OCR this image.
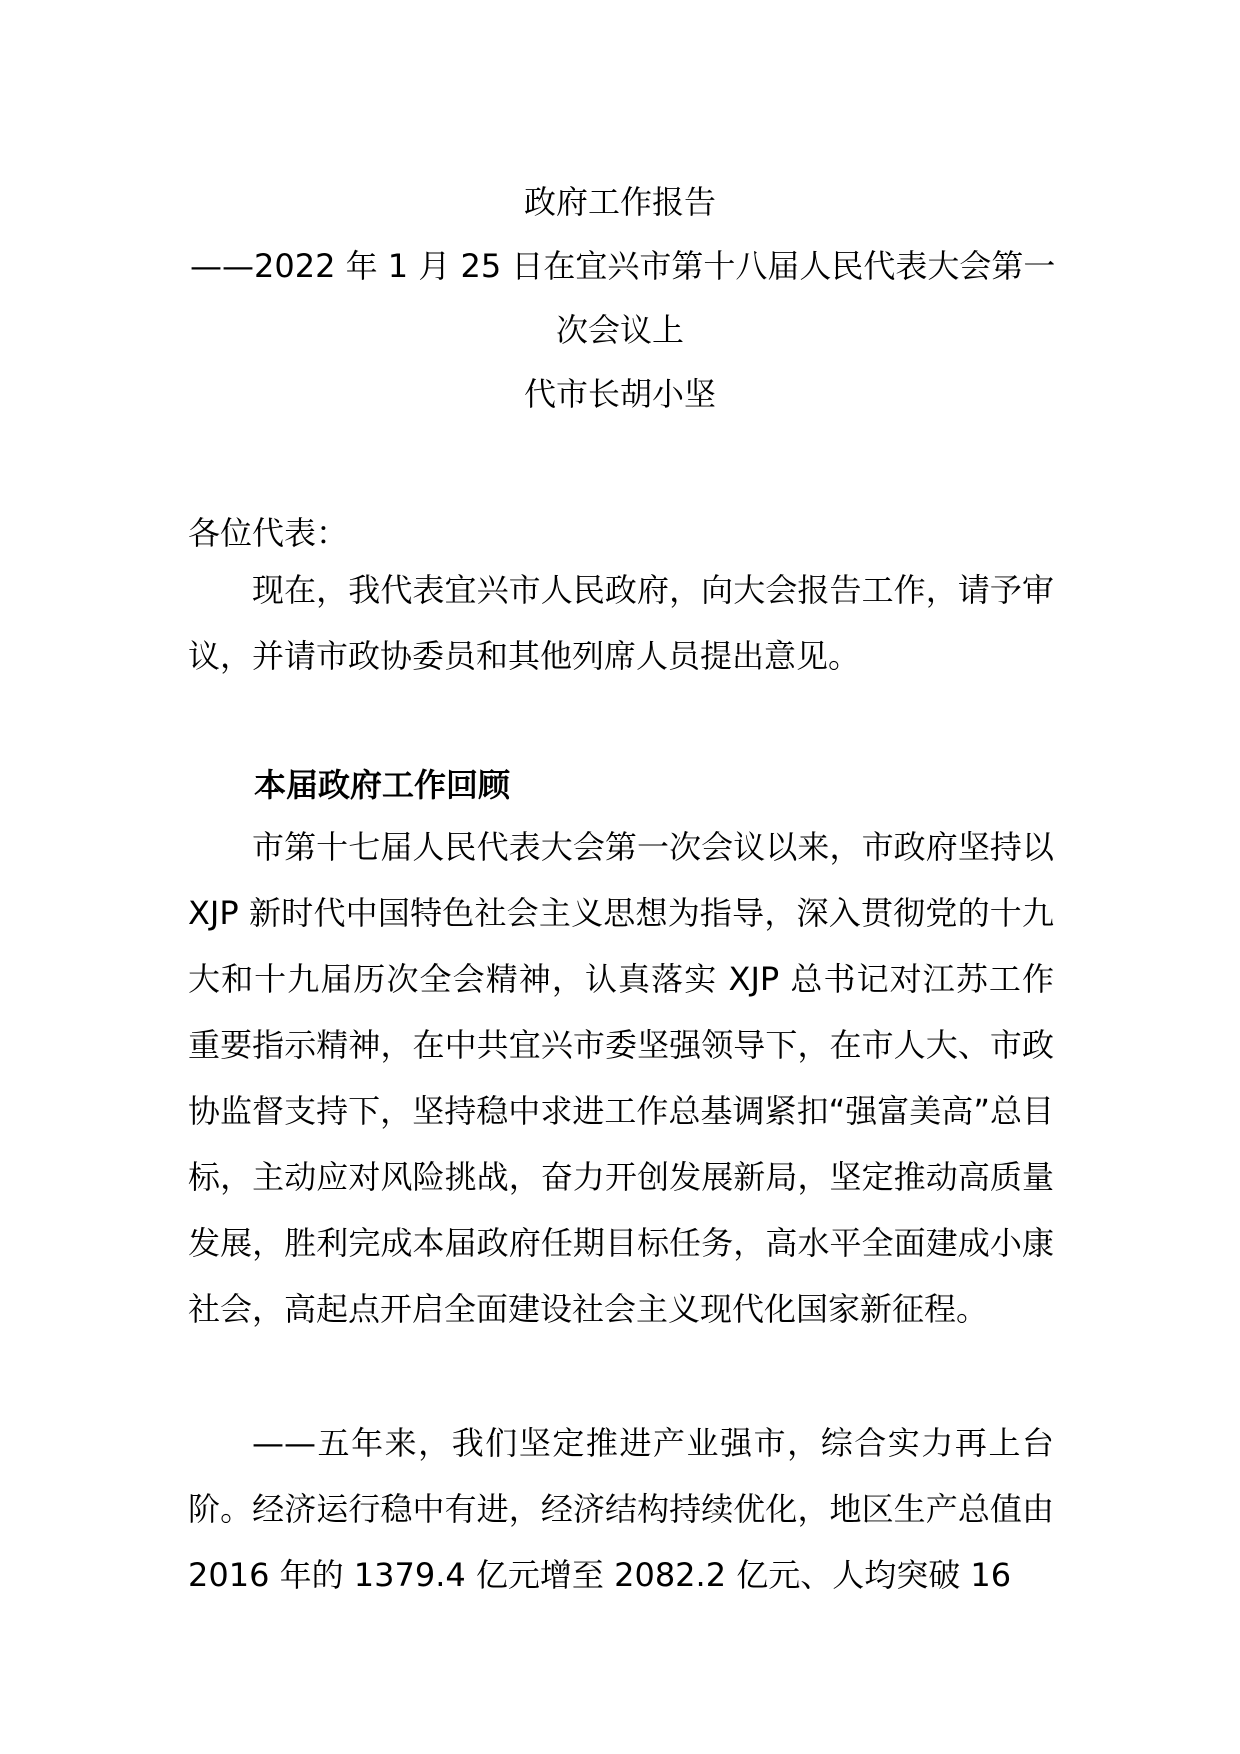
政府工作报告
——2022 年 1 月 25 日在宜兴市第十八届人民代表大会第一
次会议上
代市长胡小坚
各位代表：

现在，我代表宜兴市人民政府，向大会报告工作，请予审议，并请市政协委员和其他列席人员提出意见。

本届政府工作回顾

市第十七届人民代表大会第一次会议以来，市政府坚持以 XJP 新时代中国特色社会主义思想为指导，深入贯彻党的十九大和十九届历次全会精神，认真落实 XJP 总书记对江苏工作重要指示精神，在中共宜兴市委坚强领导下，在市人大、市政协监督支持下，坚持稳中求进工作总基调紧扣“强富美高”总目标，主动应对风险挑战，奋力开创发展新局，坚定推动高质量发展，胜利完成本届政府任期目标任务，高水平全面建成小康社会，高起点开启全面建设社会主义现代化国家新征程。

——五年来，我们坚定推进产业强市，综合实力再上台阶。经济运行稳中有进，经济结构持续优化，地区生产总值由 2016 年的 1379.4 亿元增至 2082.2 亿元、人均突破 16
